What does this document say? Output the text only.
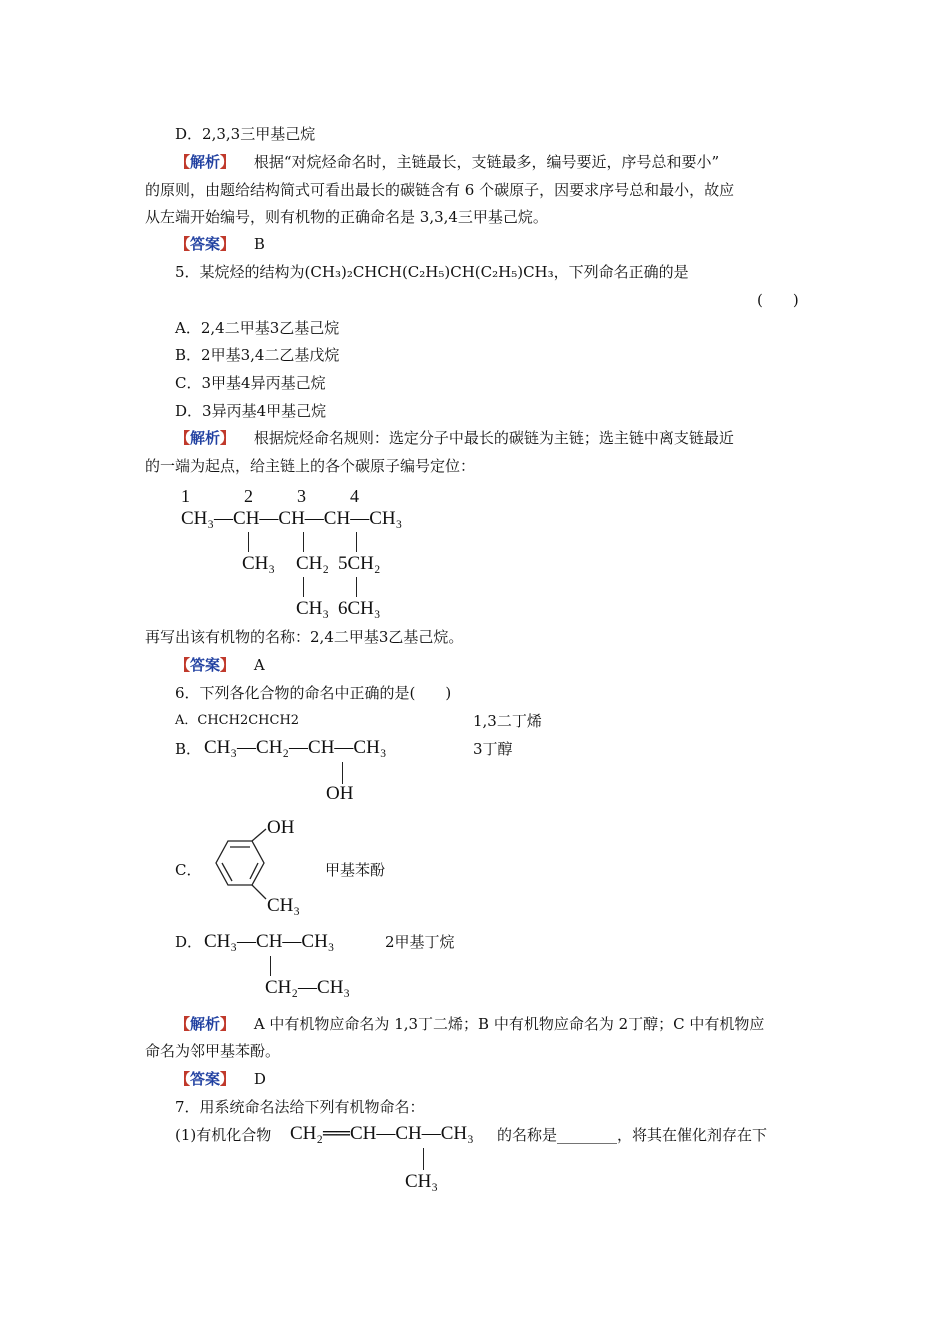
D．2,3,3三甲基己烷
【解析】 根据“对烷烃命名时，主链最长，支链最多，编号要近，序号总和要小”
的原则，由题给结构简式可看出最长的碳链含有 6 个碳原子，因要求序号总和最小，故应
从左端开始编号，则有机物的正确命名是 3,3,4三甲基己烷。
【答案】 B
5．某烷烃的结构为(CH₃)₂CHCH(C₂H₅)CH(C₂H₅)CH₃，下列命名正确的是
(　　)
A．2,4二甲基3乙基己烷
B．2甲基3,4二乙基戊烷
C．3甲基4异丙基己烷
D．3异丙基4甲基己烷
【解析】 根据烷烃命名规则：选定分子中最长的碳链为主链；选主链中离支链最近
的一端为起点，给主链上的各个碳原子编号定位：
1	2 3 4
CH₃—CH—CH—CH—CH₃
CH₃ CH₂ 5CH₂
CH₃ 6CH₃
再写出该有机物的名称：2,4二甲基3乙基己烷。
【答案】 A
6．下列各化合物的命名中正确的是(　　)
A．CHCH2CHCH2	1,3二丁烯
B． CH₃—CH₂—CH—CH₃
OH
3丁醇
C．
OH
CH₃
甲基苯酚
D． CH₃—CH—CH₃
CH₂—CH₃
2甲基丁烷
【解析】 A 中有机物应命名为 1,3丁二烯；B 中有机物应命名为 2丁醇；C 中有机物应
命名为邻甲基苯酚。
【答案】 D
7．用系统命名法给下列有机物命名：
(1)有机化合物 CH₂══CH—CH—CH₃ 的名称是________，将其在催化剂存在下
CH₃
